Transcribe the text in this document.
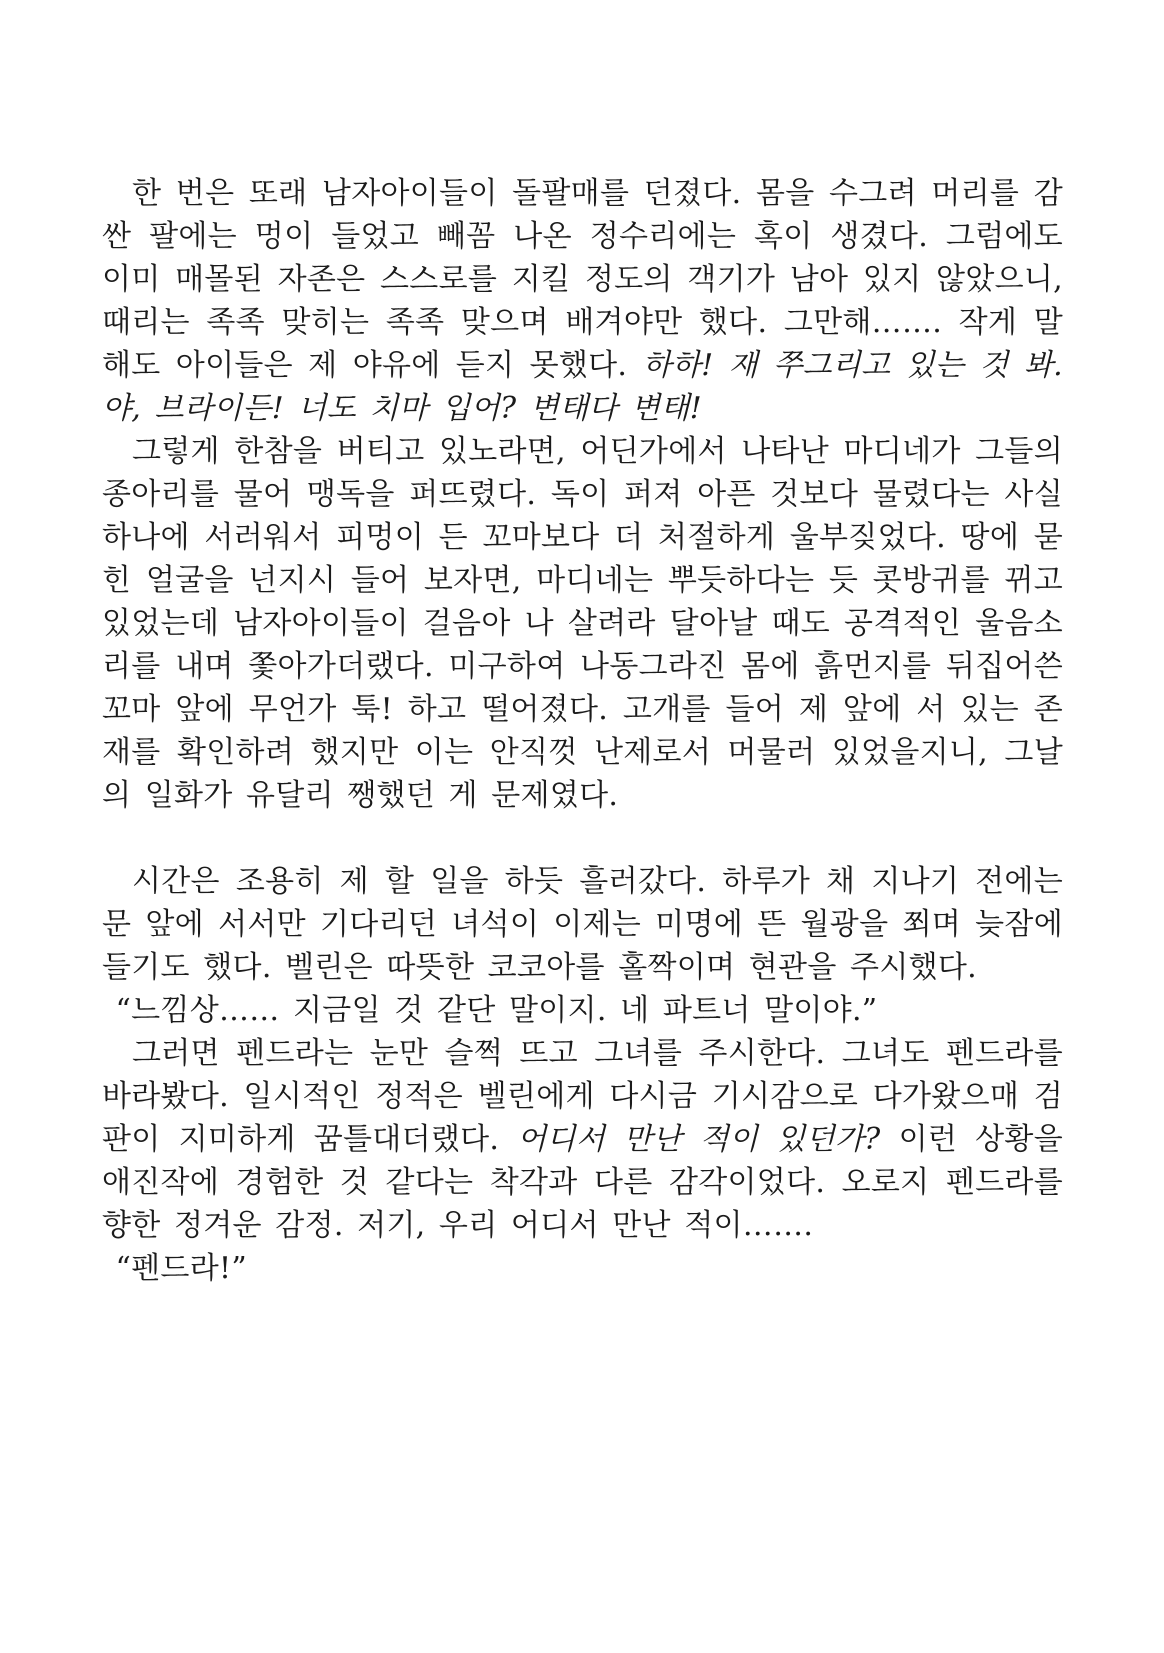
한 번은 또래 남자아이들이 돌팔매를 던졌다. 몸을 수그려 머리를 감싼 팔에는 멍이 들었고 빼꼼 나온 정수리에는 혹이 생겼다. 그럼에도 이미 매몰된 자존은 스스로를 지킬 정도의 객기가 남아 있지 않았으니, 때리는 족족 맞히는 족족 맞으며 배겨야만 했다. 그만해……. 작게 말해도 아이들은 제 야유에 듣지 못했다. 하하! 재 쭈그리고 있는 것 봐. 야, 브라이든! 너도 치마 입어? 변태다 변태!

그렇게 한참을 버티고 있노라면, 어딘가에서 나타난 마디네가 그들의 종아리를 물어 맹독을 퍼뜨렸다. 독이 퍼져 아픈 것보다 물렸다는 사실 하나에 서러워서 피멍이 든 꼬마보다 더 처절하게 울부짖었다. 땅에 묻힌 얼굴을 넌지시 들어 보자면, 마디네는 뿌듯하다는 듯 콧방귀를 뀌고 있었는데 남자아이들이 걸음아 나 살려라 달아날 때도 공격적인 울음소리를 내며 쫓아가더랬다. 미구하여 나동그라진 몸에 흙먼지를 뒤집어쓴 꼬마 앞에 무언가 툭! 하고 떨어졌다. 고개를 들어 제 앞에 서 있는 존재를 확인하려 했지만 이는 안직껏 난제로서 머물러 있었을지니, 그날의 일화가 유달리 쨍했던 게 문제였다.

시간은 조용히 제 할 일을 하듯 흘러갔다. 하루가 채 지나기 전에는 문 앞에 서서만 기다리던 녀석이 이제는 미명에 뜬 월광을 쬐며 늦잠에 들기도 했다. 벨린은 따뜻한 코코아를 홀짝이며 현관을 주시했다.

“느낌상…… 지금일 것 같단 말이지. 네 파트너 말이야.”

그러면 펜드라는 눈만 슬쩍 뜨고 그녀를 주시한다. 그녀도 펜드라를 바라봤다. 일시적인 정적은 벨린에게 다시금 기시감으로 다가왔으매 검판이 지미하게 꿈틀대더랬다. 어디서 만난 적이 있던가? 이런 상황을 애진작에 경험한 것 같다는 착각과 다른 감각이었다. 오로지 펜드라를 향한 정겨운 감정. 저기, 우리 어디서 만난 적이…….

“펜드라!”
